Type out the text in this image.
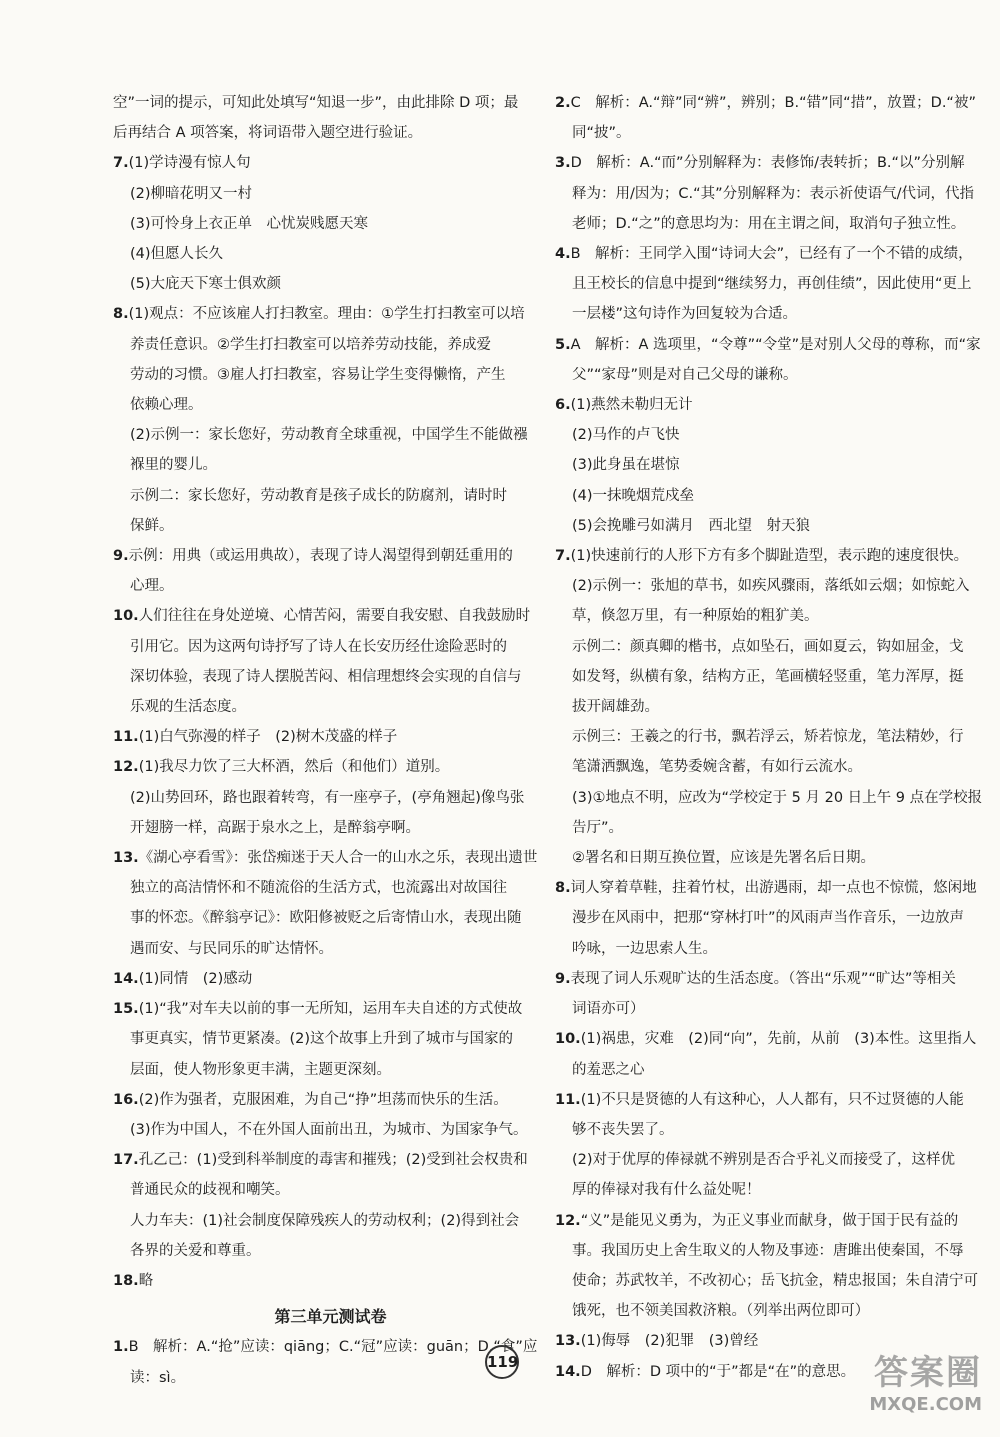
空”一词的提示，可知此处填写“知退一步”，由此排除 D 项；最
后再结合 A 项答案，将词语带入题空进行验证。
7.(1)学诗漫有惊人句
(2)柳暗花明又一村
(3)可怜身上衣正单　心忧炭贱愿天寒
(4)但愿人长久
(5)大庇天下寒士俱欢颜
8.(1)观点：不应该雇人打扫教室。理由：①学生打扫教室可以培
养责任意识。②学生打扫教室可以培养劳动技能，养成爱
劳动的习惯。③雇人打扫教室，容易让学生变得懒惰，产生
依赖心理。
(2)示例一：家长您好，劳动教育全球重视，中国学生不能做襁
褓里的婴儿。
示例二：家长您好，劳动教育是孩子成长的防腐剂，请时时
保鲜。
9.示例：用典（或运用典故），表现了诗人渴望得到朝廷重用的
心理。
10.人们往往在身处逆境、心情苦闷，需要自我安慰、自我鼓励时
引用它。因为这两句诗抒写了诗人在长安历经仕途险恶时的
深切体验，表现了诗人摆脱苦闷、相信理想终会实现的自信与
乐观的生活态度。
11.(1)白气弥漫的样子　(2)树木茂盛的样子
12.(1)我尽力饮了三大杯酒，然后（和他们）道别。
(2)山势回环，路也跟着转弯，有一座亭子，(亭角翘起)像鸟张
开翅膀一样，高踞于泉水之上，是醉翁亭啊。
13.《湖心亭看雪》：张岱痴迷于天人合一的山水之乐，表现出遗世
独立的高洁情怀和不随流俗的生活方式，也流露出对故国往
事的怀恋。《醉翁亭记》：欧阳修被贬之后寄情山水，表现出随
遇而安、与民同乐的旷达情怀。
14.(1)同情　(2)感动
15.(1)“我”对车夫以前的事一无所知，运用车夫自述的方式使故
事更真实，情节更紧凑。(2)这个故事上升到了城市与国家的
层面，使人物形象更丰满，主题更深刻。
16.(2)作为强者，克服困难，为自己“挣”坦荡而快乐的生活。
(3)作为中国人，不在外国人面前出丑，为城市、为国家争气。
17.孔乙己：(1)受到科举制度的毒害和摧残；(2)受到社会权贵和
普通民众的歧视和嘲笑。
人力车夫：(1)社会制度保障残疾人的劳动权利；(2)得到社会
各界的关爱和尊重。
18.略
第三单元测试卷
1.B　解析：A.“抢”应读：qiāng；C.“冠”应读：guān；D.“食”应
读：sì。
2.C　解析：A.“辩”同“辨”，辨别；B.“错”同“措”，放置；D.“被”
同“披”。
3.D　解析：A.“而”分别解释为：表修饰/表转折；B.“以”分别解
释为：用/因为；C.“其”分别解释为：表示祈使语气/代词，代指
老师；D.“之”的意思均为：用在主谓之间，取消句子独立性。
4.B　解析：王同学入围“诗词大会”，已经有了一个不错的成绩，
且王校长的信息中提到“继续努力，再创佳绩”，因此使用“更上
一层楼”这句诗作为回复较为合适。
5.A　解析：A 选项里，“令尊”“令堂”是对别人父母的尊称，而“家
父”“家母”则是对自己父母的谦称。
6.(1)燕然未勒归无计
(2)马作的卢飞快
(3)此身虽在堪惊
(4)一抹晚烟荒戍垒
(5)会挽雕弓如满月　西北望　射天狼
7.(1)快速前行的人形下方有多个脚趾造型，表示跑的速度很快。
(2)示例一：张旭的草书，如疾风骤雨，落纸如云烟；如惊蛇入
草，倏忽万里，有一种原始的粗犷美。
示例二：颜真卿的楷书，点如坠石，画如夏云，钩如屈金，戈
如发弩，纵横有象，结构方正，笔画横轻竖重，笔力浑厚，挺
拔开阔雄劲。
示例三：王羲之的行书，飘若浮云，矫若惊龙，笔法精妙，行
笔潇洒飘逸，笔势委婉含蓄，有如行云流水。
(3)①地点不明，应改为“学校定于 5 月 20 日上午 9 点在学校报
告厅”。
②署名和日期互换位置，应该是先署名后日期。
8.词人穿着草鞋，拄着竹杖，出游遇雨，却一点也不惊慌，悠闲地
漫步在风雨中，把那“穿林打叶”的风雨声当作音乐，一边放声
吟咏，一边思索人生。
9.表现了词人乐观旷达的生活态度。（答出“乐观”“旷达”等相关
词语亦可）
10.(1)祸患，灾难　(2)同“向”，先前，从前　(3)本性。这里指人
的羞恶之心
11.(1)不只是贤德的人有这种心，人人都有，只不过贤德的人能
够不丧失罢了。
(2)对于优厚的俸禄就不辨别是否合乎礼义而接受了，这样优
厚的俸禄对我有什么益处呢！
12.“义”是能见义勇为，为正义事业而献身，做于国于民有益的
事。我国历史上舍生取义的人物及事迹：唐雎出使秦国，不辱
使命；苏武牧羊，不改初心；岳飞抗金，精忠报国；朱自清宁可
饿死，也不领美国救济粮。（列举出两位即可）
13.(1)侮辱　(2)犯罪　(3)曾经
14.D　解析：D 项中的“于”都是“在”的意思。
119	答案圈
MXQE.COM
